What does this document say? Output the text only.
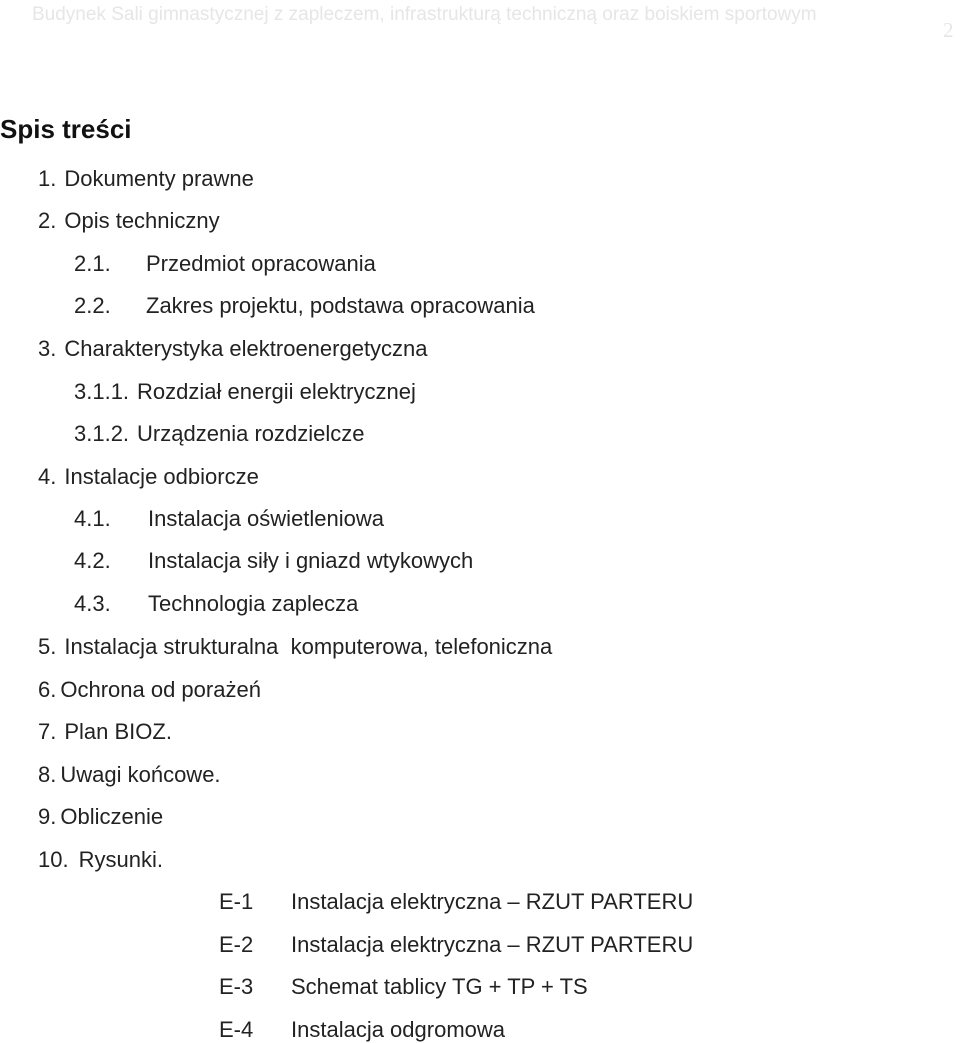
Budynek Sali gimnastycznej z zapleczem, infrastrukturą techniczną oraz boiskiem sportowym
2
Spis treści
1. Dokumenty prawne
2. Opis techniczny
2.1. Przedmiot opracowania
2.2. Zakres projektu, podstawa opracowania
3. Charakterystyka elektroenergetyczna
3.1.1. Rozdział energii elektrycznej
3.1.2. Urządzenia rozdzielcze
4. Instalacje odbiorcze
4.1. Instalacja oświetleniowa
4.2. Instalacja siły i gniazd wtykowych
4.3. Technologia zaplecza
5. Instalacja strukturalna  komputerowa, telefoniczna
6. Ochrona od porażeń
7. Plan BIOZ.
8. Uwagi końcowe.
9. Obliczenie
10. Rysunki.
E-1 Instalacja elektryczna – RZUT PARTERU
E-2 Instalacja elektryczna – RZUT PARTERU
E-3 Schemat tablicy TG + TP + TS
E-4 Instalacja odgromowa
